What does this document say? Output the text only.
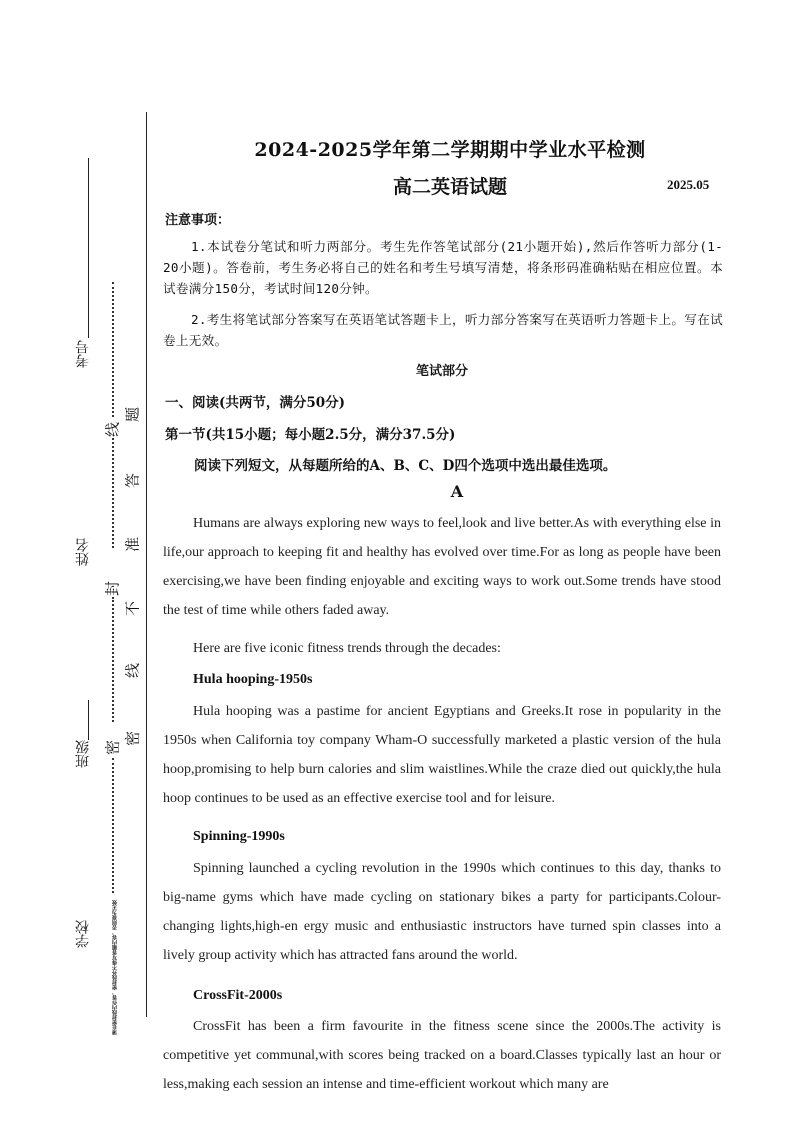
考号
姓名
班级
学校
线
封
密
密
线
不
准
答
题
请在密封线内作答，密封线外不得写答题内容，否则视为无效
2024-2025学年第二学期期中学业水平检测
高二英语试题	2025.05
注意事项：
1.本试卷分笔试和听力两部分。考生先作答笔试部分(21小题开始),然后作答听力部分(1-20小题)。答卷前，考生务必将自己的姓名和考生号填写清楚，将条形码准确粘贴在相应位置。本试卷满分150分，考试时间120分钟。
2.考生将笔试部分答案写在英语笔试答题卡上，听力部分答案写在英语听力答题卡上。写在试卷上无效。
笔试部分
一、阅读(共两节，满分50分)
第一节(共15小题；每小题2.5分，满分37.5分)
阅读下列短文，从每题所给的A、B、C、D四个选项中选出最佳选项。
A
Humans are always exploring new ways to feel,look and live better.As with everything else in life,our approach to keeping fit and healthy has evolved over time.For as long as people have been exercising,we have been finding enjoyable and exciting ways to work out.Some trends have stood the test of time while others faded away.
Here are five iconic fitness trends through the decades:
Hula hooping-1950s
Hula hooping was a pastime for ancient Egyptians and Greeks.It rose in popularity in the 1950s when California toy company Wham-O successfully marketed a plastic version of the hula hoop,promising to help burn calories and slim waistlines.While the craze died out quickly,the hula hoop continues to be used as an effective exercise tool and for leisure.
Spinning-1990s
Spinning launched a cycling revolution in the 1990s which continues to this day, thanks to big-name gyms which have made cycling on stationary bikes a party for participants.Colour-changing lights,high-en ergy music and enthusiastic instructors have turned spin classes into a lively group activity which has attracted fans around the world.
CrossFit-2000s
CrossFit has been a firm favourite in the fitness scene since the 2000s.The activity is competitive yet communal,with scores being tracked on a board.Classes typically last an hour or less,making each session an intense and time-efficient workout which many are
